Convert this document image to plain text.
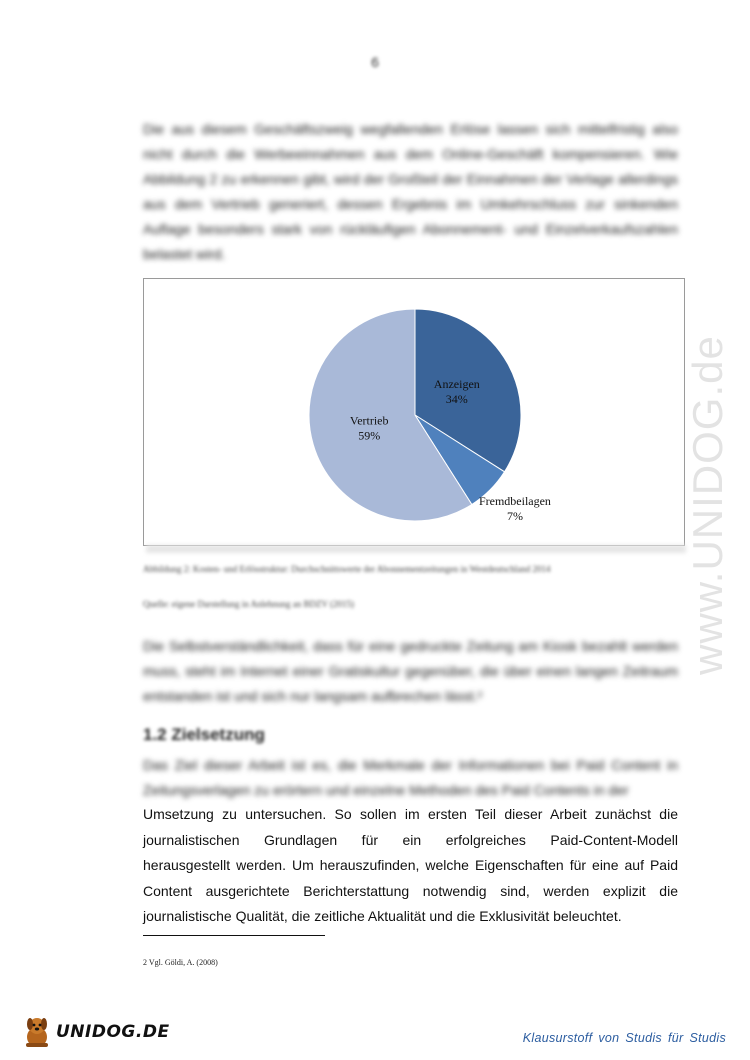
6
Die aus diesem Geschäftszweig wegfallenden Erlöse lassen sich mittelfristig also nicht durch die Werbeeinnahmen aus dem Online-Geschäft kompensieren. Wie Abbildung 2 zu erkennen gibt, wird der Großteil der Einnahmen der Verlage allerdings aus dem Vertrieb generiert, dessen Ergebnis im Umkehrschluss zur sinkenden Auflage besonders stark von rückläufigen Abonnement- und Einzelverkaufszahlen belastet wird.
Anzeigen
34%
Fremdbeilagen
7%
Vertrieb
59%
Abbildung 2: Kosten- und Erlösstruktur: Durchschnittswerte der Abonnementzeitungen in Westdeutschland 2014
Quelle: eigene Darstellung in Anlehnung an BDZV (2015)
Die Selbstverständlichkeit, dass für eine gedruckte Zeitung am Kiosk bezahlt werden muss, steht im Internet einer Gratiskultur gegenüber, die über einen langen Zeitraum entstanden ist und sich nur langsam aufbrechen lässt.²
1.2 Zielsetzung
Das Ziel dieser Arbeit ist es, die Merkmale der Informationen bei Paid Content in Zeitungsverlagen zu erörtern und einzelne Methoden des Paid Contents in der
Umsetzung zu untersuchen. So sollen im ersten Teil dieser Arbeit zunächst die
journalistischen Grundlagen für ein erfolgreiches Paid-Content-Modell
herausgestellt werden. Um herauszufinden, welche Eigenschaften für eine auf Paid
Content ausgerichtete Berichterstattung notwendig sind, werden explizit die
journalistische Qualität, die zeitliche Aktualität und die Exklusivität beleuchtet.
2 Vgl. Göldi, A. (2008)
www.UNIDOG.de
UNIDOG.DE	Klausurstoff von Studis für Studis
